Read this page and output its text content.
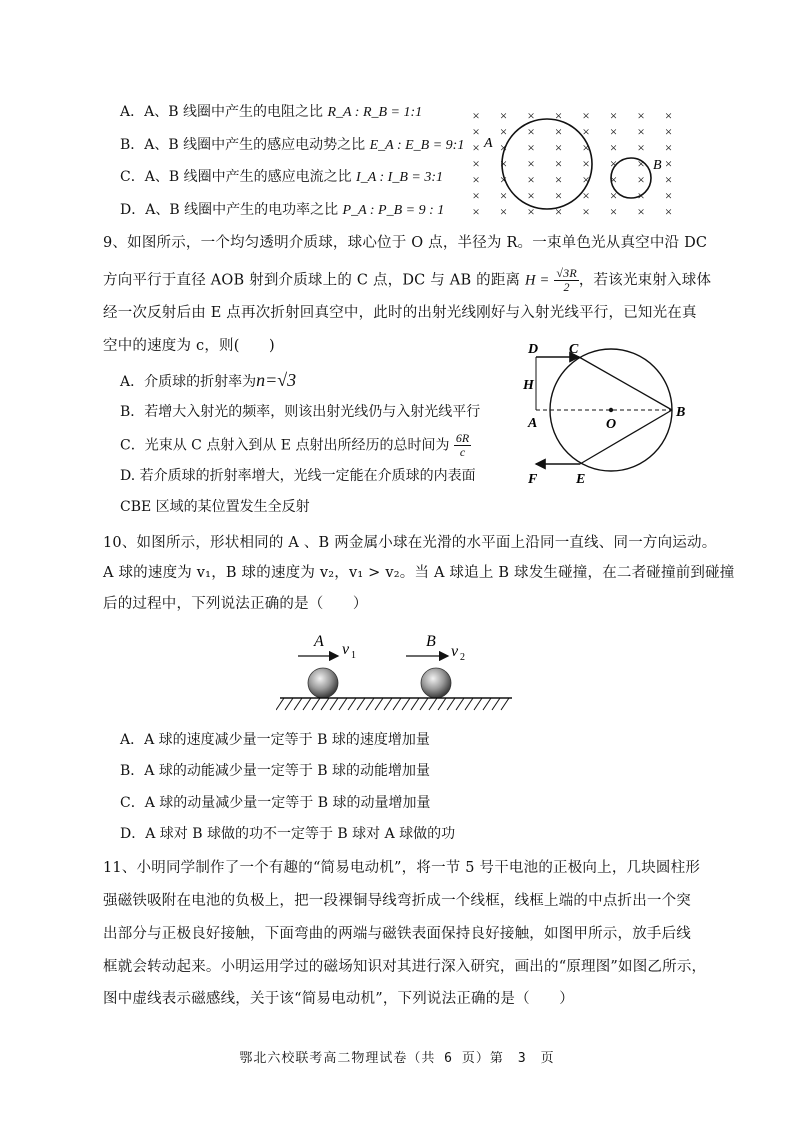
A．A、B 线圈中产生的电阻之比 R_A : R_B = 1:1
B．A、B 线圈中产生的感应电动势之比 E_A : E_B = 9:1
C．A、B 线圈中产生的感应电流之比 I_A : I_B = 3:1
D．A、B 线圈中产生的电功率之比 P_A : P_B = 9 : 1
× × × × × × × ×
× × × × × × × ×
× × × × × × × ×
× × × × × × × ×
× × × × × × × ×
× × × × × × × ×
× × × × × × × ×
A
B
9、如图所示，一个均匀透明介质球，球心位于 O 点，半径为 R。一束单色光从真空中沿 DC
方向平行于直径 AOB 射到介质球上的 C 点，DC 与 AB 的距离 $H = \frac{√3R}{2}$ ，若该光束射入球体
经一次反射后由 E 点再次折射回真空中，此时的出射光线刚好与入射光线平行，已知光在真
空中的速度为 c，则(　　)
A．介质球的折射率为n=√3
B．若增大入射光的频率，则该出射光线仍与入射光线平行
C．光束从 C 点射入到从 E 点射出所经历的总时间为 $\frac{6R}{c}$
D. 若介质球的折射率增大，光线一定能在介质球的内表面
CBE 区域的某位置发生全反射
D C
H
A	O
B
F	E
10、如图所示，形状相同的 A 、B 两金属小球在光滑的水平面上沿同一直线、同一方向运动。
A 球的速度为 v₁，B 球的速度为 v₂，v₁ > v₂。当 A 球追上 B 球发生碰撞，在二者碰撞前到碰撞
后的过程中，下列说法正确的是（　　）
A v 1
B
v 2
A．A 球的速度减少量一定等于 B 球的速度增加量
B．A 球的动能减少量一定等于 B 球的动能增加量
C．A 球的动量减少量一定等于 B 球的动量增加量
D．A 球对 B 球做的功不一定等于 B 球对 A 球做的功
11、小明同学制作了一个有趣的“简易电动机”，将一节 5 号干电池的正极向上，几块圆柱形
强磁铁吸附在电池的负极上，把一段裸铜导线弯折成一个线框，线框上端的中点折出一个突
出部分与正极良好接触，下面弯曲的两端与磁铁表面保持良好接触，如图甲所示，放手后线
框就会转动起来。小明运用学过的磁场知识对其进行深入研究，画出的“原理图”如图乙所示，
图中虚线表示磁感线，关于该“简易电动机”，下列说法正确的是（　　）
鄂北六校联考高二物理试卷（共 6 页）第　3　页
